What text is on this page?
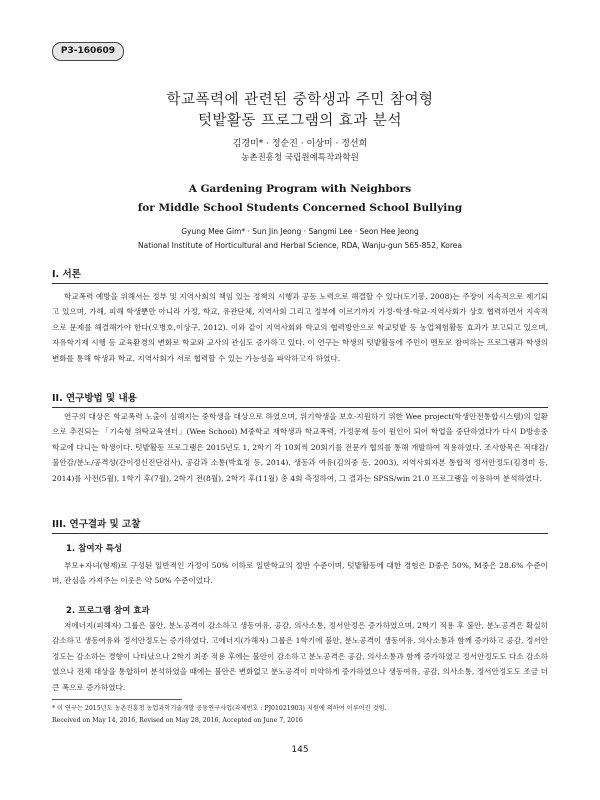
P3-160609
학교폭력에 관련된 중학생과 주민 참여형
텃밭활동 프로그램의 효과 분석
김경미* · 정순진 · 이상미 · 정선희
농촌진흥청 국립원예특작과학원
A Gardening Program with Neighbors
for Middle School Students Concerned School Bullying
Gyung Mee Gim* · Sun Jin Jeong · Sangmi Lee · Seon Hee Jeong
National Institute of Horticultural and Herbal Science, RDA, Wanju-gun 565-852, Korea
I. 서론

학교폭력 예방을 위해서는 정부 및 지역사회의 책임 있는 정책의 시행과 공동 노력으로 해결할 수 있다(도기봉, 2008)는 주장이 지속적으로 제기되고 있으며, 가해, 피해 학생뿐만 아니라 가정, 학교, 유관단체, 지역사회 그리고 정부에 이르기까지 가정-학생-학교-지역사회가 상호 협력하면서 지속적으로 문제를 해결해가야 한다(오병호,이상구, 2012). 이와 같이 지역사회와 학교의 협력방안으로 학교텃밭 등 농업체험활동 효과가 보고되고 있으며, 자유학기제 시행 등 교육환경의 변화로 학교와 교사의 관심도 증가하고 있다. 이 연구는 학생의 텃밭활동에 주민이 멘토로 참여하는 프로그램과 학생의 변화를 통해 학생과 학교, 지역사회가 서로 협력할 수 있는 가능성을 파악하고자 하였다.

II. 연구방법 및 내용

연구의 대상은 학교폭력 노출이 심해지는 중학생을 대상으로 하였으며, 위기학생을 보호·지원하기 위한 Wee project(학생안전통합시스템)의 일환으로 추진되는 「기숙형 위탁교육센터」(Wee School) M중학교 재학생과 학교폭력, 가정문제 등이 원인이 되어 학업을 중단하였다가 다시 D방송중학교에 다니는 학생이다. 텃밭활동 프로그램은 2015년도 1, 2학기 각 10회씩 20회기를 전문가 협의를 통해 개발하여 적용하였다. 조사항목은 적대감/불안감/분노/공격성(간이정신진단검사), 공감과 소통(박효정 등, 2014), 생동과 여유(김의중 등, 2003), 지역사회자본 통합적 정서안정도(김경미 등, 2014)를 사전(5월), 1학기 후(7월), 2학기 전(8월), 2학기 후(11월) 총 4회 측정하여, 그 결과는 SPSS/win 21.0 프로그램을 이용하여 분석하였다.

III. 연구결과 및 고찰
1. 참여자 특성

부모+자녀(형제)로 구성된 일반적인 가정이 50% 이하로 일반학교의 절반 수준이며, 텃밭활동에 대한 경험은 D중은 50%, M중은 28.6% 수준이며, 관심을 가져주는 이웃은 약 50% 수준이었다.

2. 프로그램 참여 효과

저에너지(피해자) 그룹은 불안, 분노공격이 감소하고 생동여유, 공감, 의사소통, 정서안정은 증가하였으며, 2학기 적용 후 불안, 분노공격은 확실히 감소하고 생동여유와 정서안정도는 증가하였다. 고에너지(가해자) 그룹은 1학기에 불안, 분노공격이 생동여유, 의사소통과 함께 증가하고 공감, 정서안정도는 감소하는 경향이 나타났으나 2학기 최종 적용 후에는 불안이 감소하고 분노공격은 공감, 의사소통과 함께 증가하였고 정서안정도도 다소 감소하였으나 전체 대상을 통합하여 분석하였을 때에는 불안은 변화없고 분노공격이 미약하게 증가하였으나 생동여유, 공감, 의사소통, 정서안정도도 조금 더 큰 폭으로 증가하였다.

* 이 연구는 2015년도 농촌진흥청 농업과학기술개발 공동연구사업(과제번호 : PJ01021903) 지원에 의하여 이루어진 것임.
Received on May 14, 2016, Revised on May 28, 2016, Accepted on June 7, 2016
145
